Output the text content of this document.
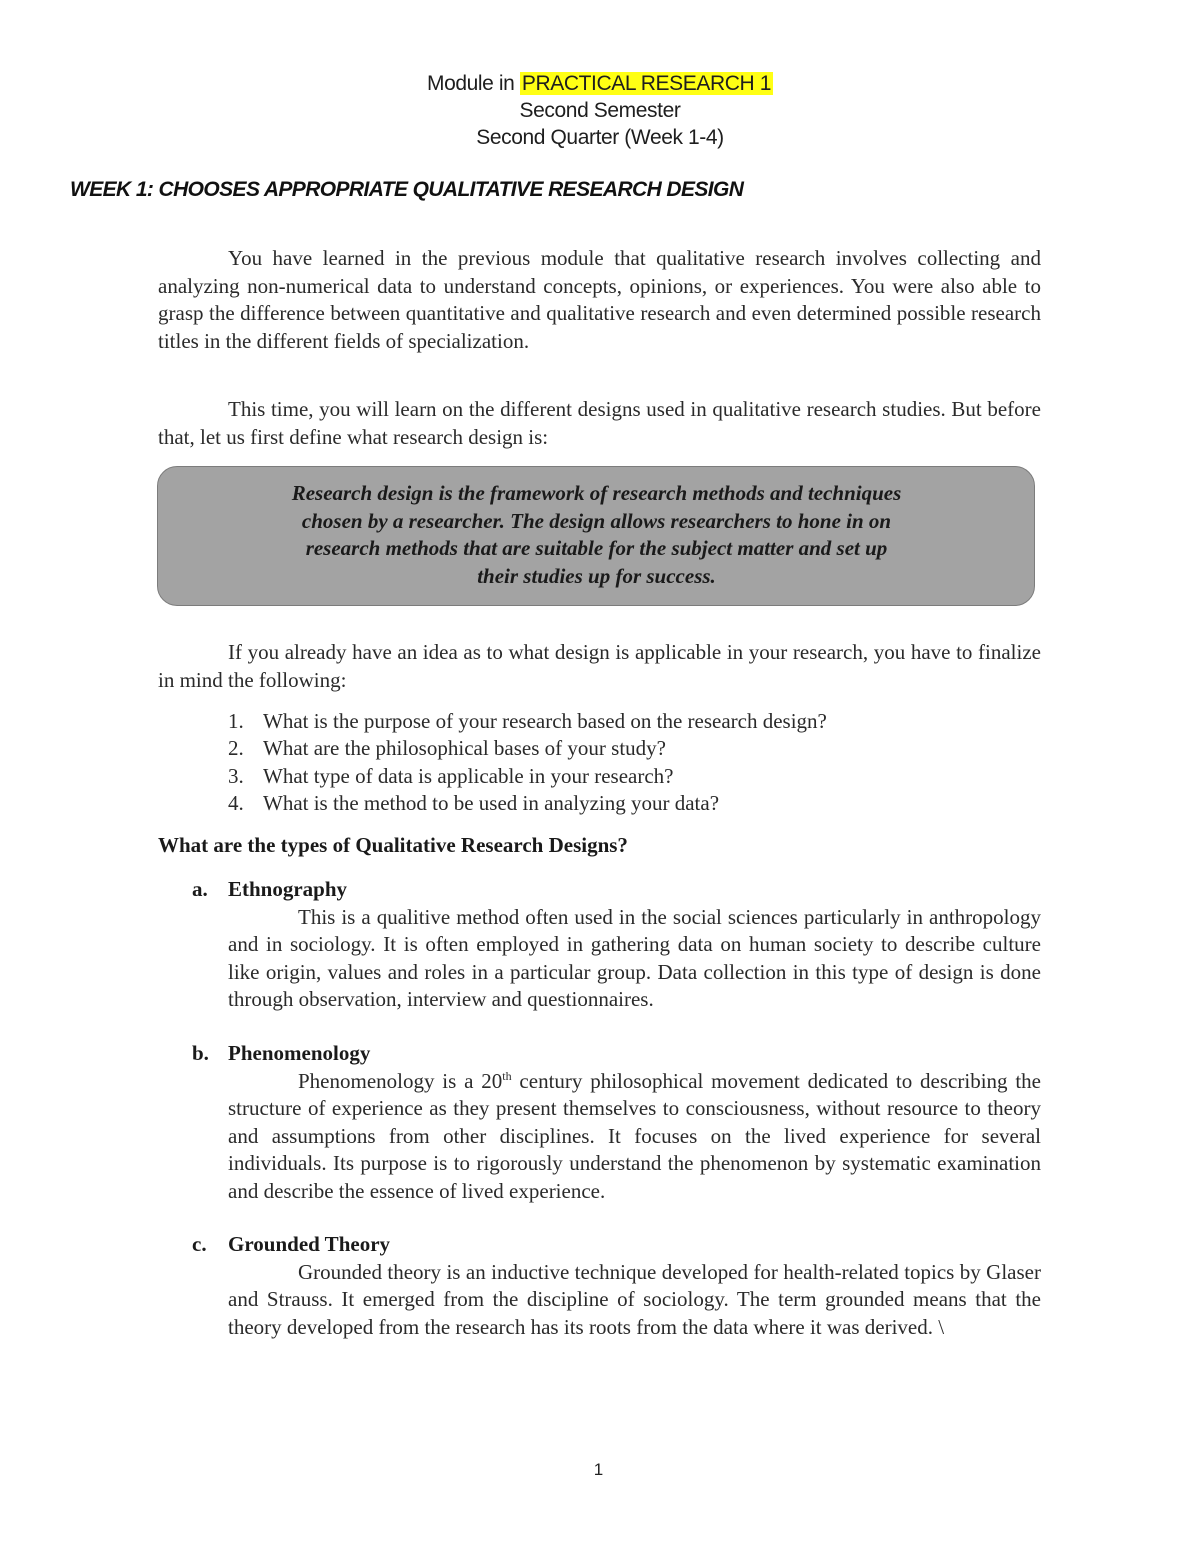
Module in PRACTICAL RESEARCH 1
Second Semester
Second Quarter (Week 1-4)
WEEK 1: CHOOSES APPROPRIATE QUALITATIVE RESEARCH DESIGN
You have learned in the previous module that qualitative research involves collecting and analyzing non-numerical data to understand concepts, opinions, or experiences. You were also able to grasp the difference between quantitative and qualitative research and even determined possible research titles in the different fields of specialization.
This time, you will learn on the different designs used in qualitative research studies. But before that, let us first define what research design is:
Research design is the framework of research methods and techniques
chosen by a researcher. The design allows researchers to hone in on
research methods that are suitable for the subject matter and set up
their studies up for success.
If you already have an idea as to what design is applicable in your research, you have to finalize in mind the following:
1. What is the purpose of your research based on the research design?
2. What are the philosophical bases of your study?
3. What type of data is applicable in your research?
4. What is the method to be used in analyzing your data?
What are the types of Qualitative Research Designs?
a. Ethnography
This is a qualitive method often used in the social sciences particularly in anthropology and in sociology. It is often employed in gathering data on human society to describe culture like origin, values and roles in a particular group. Data collection in this type of design is done through observation, interview and questionnaires.
b. Phenomenology
Phenomenology is a 20th century philosophical movement dedicated to describing the structure of experience as they present themselves to consciousness, without resource to theory and assumptions from other disciplines. It focuses on the lived experience for several individuals. Its purpose is to rigorously understand the phenomenon by systematic examination and describe the essence of lived experience.
c. Grounded Theory
Grounded theory is an inductive technique developed for health-related topics by Glaser and Strauss. It emerged from the discipline of sociology. The term grounded means that the theory developed from the research has its roots from the data where it was derived. \
1
